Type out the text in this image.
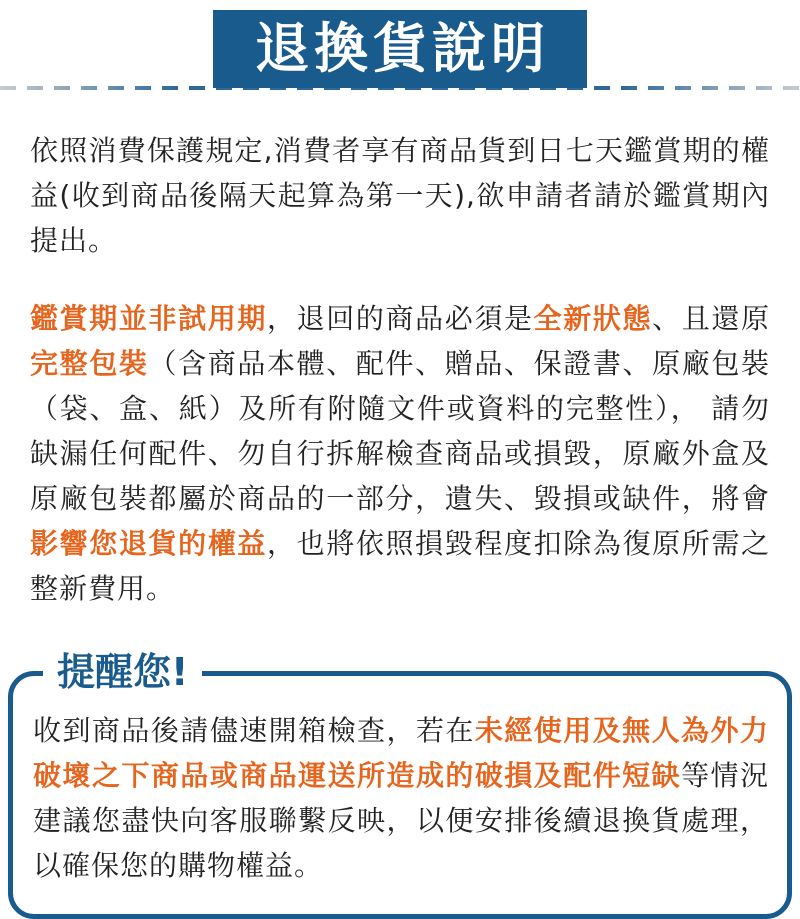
退換貨說明

依照消費保護規定,消費者享有商品貨到日七天鑑賞期的權益(收到商品後隔天起算為第一天),欲申請者請於鑑賞期內提出。

鑑賞期並非試用期，退回的商品必須是全新狀態、且還原完整包裝（含商品本體、配件、贈品、保證書、原廠包裝（袋、盒、紙）及所有附隨文件或資料的完整性）， 請勿缺漏任何配件、勿自行拆解檢查商品或損毀，原廠外盒及原廠包裝都屬於商品的一部分，遺失、毀損或缺件，將會影響您退貨的權益，也將依照損毀程度扣除為復原所需之整新費用。

提醒您!

收到商品後請儘速開箱檢查，若在未經使用及無人為外力破壞之下商品或商品運送所造成的破損及配件短缺等情況建議您盡快向客服聯繫反映，以便安排後續退換貨處理，以確保您的購物權益。
